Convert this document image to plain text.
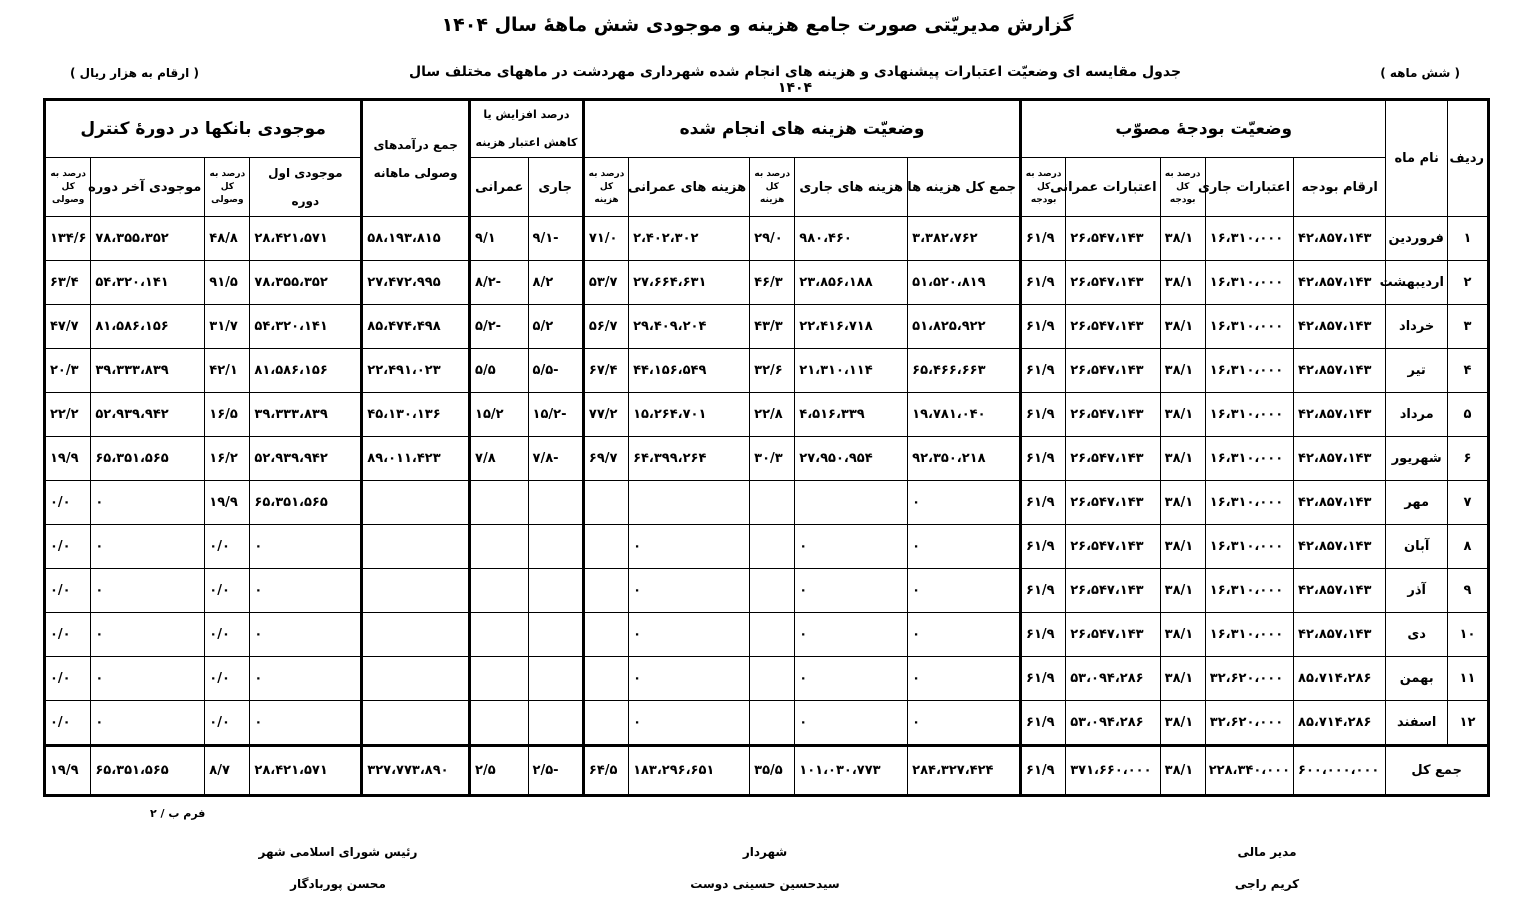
گزارش مدیریّتی صورت جامع هزینه و موجودی شش ماههٔ سال ۱۴۰۴
( شش ماهه )
جدول مقایسه ای وضعیّت اعتبارات پیشنهادی و هزینه های انجام شده شهرداری مهردشت در ماههای مختلف سال ۱۴۰۴
( ارقام به هزار ریال )
ردیف	نام ماه	وضعیّت بودجهٔ مصوّب					وضعیّت هزینه های انجام شده					درصد افزایش یا کاهش اعتبار هزینه		جمع درآمدهای وصولی ماهانه	موجودی بانکها در دورهٔ کنترل			
		ارقام بودجه	اعتبارات جاری	درصد به کل بودجه	اعتبارات عمرانی	درصد به کل بودجه	جمع کل هزینه ها	هزینه های جاری	درصد به کل هزینه	هزینه های عمرانی	درصد به کل هزینه	جاری	عمرانی		موجودی اول دوره	درصد به کل وصولی	موجودی آخر دوره	درصد به کل وصولی
۱	فروردین	۴۲،۸۵۷،۱۴۳	۱۶،۳۱۰،۰۰۰	۳۸/۱	۲۶،۵۴۷،۱۴۳	۶۱/۹	۳،۳۸۲،۷۶۲	۹۸۰،۴۶۰	۲۹/۰	۲،۴۰۲،۳۰۲	۷۱/۰	-۹/۱	۹/۱	۵۸،۱۹۳،۸۱۵	۲۸،۴۲۱،۵۷۱	۴۸/۸	۷۸،۳۵۵،۳۵۲	۱۳۴/۶
۲	اردیبهشت	۴۲،۸۵۷،۱۴۳	۱۶،۳۱۰،۰۰۰	۳۸/۱	۲۶،۵۴۷،۱۴۳	۶۱/۹	۵۱،۵۲۰،۸۱۹	۲۳،۸۵۶،۱۸۸	۴۶/۳	۲۷،۶۶۴،۶۳۱	۵۳/۷	۸/۲	-۸/۲	۲۷،۴۷۲،۹۹۵	۷۸،۳۵۵،۳۵۲	۹۱/۵	۵۴،۳۲۰،۱۴۱	۶۳/۴
۳	خرداد	۴۲،۸۵۷،۱۴۳	۱۶،۳۱۰،۰۰۰	۳۸/۱	۲۶،۵۴۷،۱۴۳	۶۱/۹	۵۱،۸۲۵،۹۲۲	۲۲،۴۱۶،۷۱۸	۴۳/۳	۲۹،۴۰۹،۲۰۴	۵۶/۷	۵/۲	-۵/۲	۸۵،۴۷۴،۴۹۸	۵۴،۳۲۰،۱۴۱	۳۱/۷	۸۱،۵۸۶،۱۵۶	۴۷/۷
۴	تیر	۴۲،۸۵۷،۱۴۳	۱۶،۳۱۰،۰۰۰	۳۸/۱	۲۶،۵۴۷،۱۴۳	۶۱/۹	۶۵،۴۶۶،۶۶۳	۲۱،۳۱۰،۱۱۴	۳۲/۶	۴۴،۱۵۶،۵۴۹	۶۷/۴	-۵/۵	۵/۵	۲۲،۴۹۱،۰۲۳	۸۱،۵۸۶،۱۵۶	۴۲/۱	۳۹،۳۳۳،۸۳۹	۲۰/۳
۵	مرداد	۴۲،۸۵۷،۱۴۳	۱۶،۳۱۰،۰۰۰	۳۸/۱	۲۶،۵۴۷،۱۴۳	۶۱/۹	۱۹،۷۸۱،۰۴۰	۴،۵۱۶،۳۳۹	۲۲/۸	۱۵،۲۶۴،۷۰۱	۷۷/۲	-۱۵/۲	۱۵/۲	۴۵،۱۳۰،۱۳۶	۳۹،۳۳۳،۸۳۹	۱۶/۵	۵۲،۹۳۹،۹۴۲	۲۲/۲
۶	شهریور	۴۲،۸۵۷،۱۴۳	۱۶،۳۱۰،۰۰۰	۳۸/۱	۲۶،۵۴۷،۱۴۳	۶۱/۹	۹۲،۳۵۰،۲۱۸	۲۷،۹۵۰،۹۵۴	۳۰/۳	۶۴،۳۹۹،۲۶۴	۶۹/۷	-۷/۸	۷/۸	۸۹،۰۱۱،۴۲۳	۵۲،۹۳۹،۹۴۲	۱۶/۲	۶۵،۳۵۱،۵۶۵	۱۹/۹
۷	مهر	۴۲،۸۵۷،۱۴۳	۱۶،۳۱۰،۰۰۰	۳۸/۱	۲۶،۵۴۷،۱۴۳	۶۱/۹	۰								۶۵،۳۵۱،۵۶۵	۱۹/۹	۰	۰/۰
۸	آبان	۴۲،۸۵۷،۱۴۳	۱۶،۳۱۰،۰۰۰	۳۸/۱	۲۶،۵۴۷،۱۴۳	۶۱/۹	۰	۰		۰					۰	۰/۰	۰	۰/۰
۹	آذر	۴۲،۸۵۷،۱۴۳	۱۶،۳۱۰،۰۰۰	۳۸/۱	۲۶،۵۴۷،۱۴۳	۶۱/۹	۰	۰		۰					۰	۰/۰	۰	۰/۰
۱۰	دی	۴۲،۸۵۷،۱۴۳	۱۶،۳۱۰،۰۰۰	۳۸/۱	۲۶،۵۴۷،۱۴۳	۶۱/۹	۰	۰		۰					۰	۰/۰	۰	۰/۰
۱۱	بهمن	۸۵،۷۱۴،۲۸۶	۳۲،۶۲۰،۰۰۰	۳۸/۱	۵۳،۰۹۴،۲۸۶	۶۱/۹	۰	۰		۰					۰	۰/۰	۰	۰/۰
۱۲	اسفند	۸۵،۷۱۴،۲۸۶	۳۲،۶۲۰،۰۰۰	۳۸/۱	۵۳،۰۹۴،۲۸۶	۶۱/۹	۰	۰		۰					۰	۰/۰	۰	۰/۰
جمع کل		۶۰۰،۰۰۰،۰۰۰	۲۲۸،۳۴۰،۰۰۰	۳۸/۱	۳۷۱،۶۶۰،۰۰۰	۶۱/۹	۲۸۴،۳۲۷،۴۲۴	۱۰۱،۰۳۰،۷۷۳	۳۵/۵	۱۸۳،۲۹۶،۶۵۱	۶۴/۵	-۲/۵	۲/۵	۳۲۷،۷۷۳،۸۹۰	۲۸،۴۲۱،۵۷۱	۸/۷	۶۵،۳۵۱،۵۶۵	۱۹/۹
فرم ب / ۲
رئیس شورای اسلامی شهر
محسن پوربادگار
شهردار
سیدحسین حسینی دوست
مدیر مالی
کریم راجی
